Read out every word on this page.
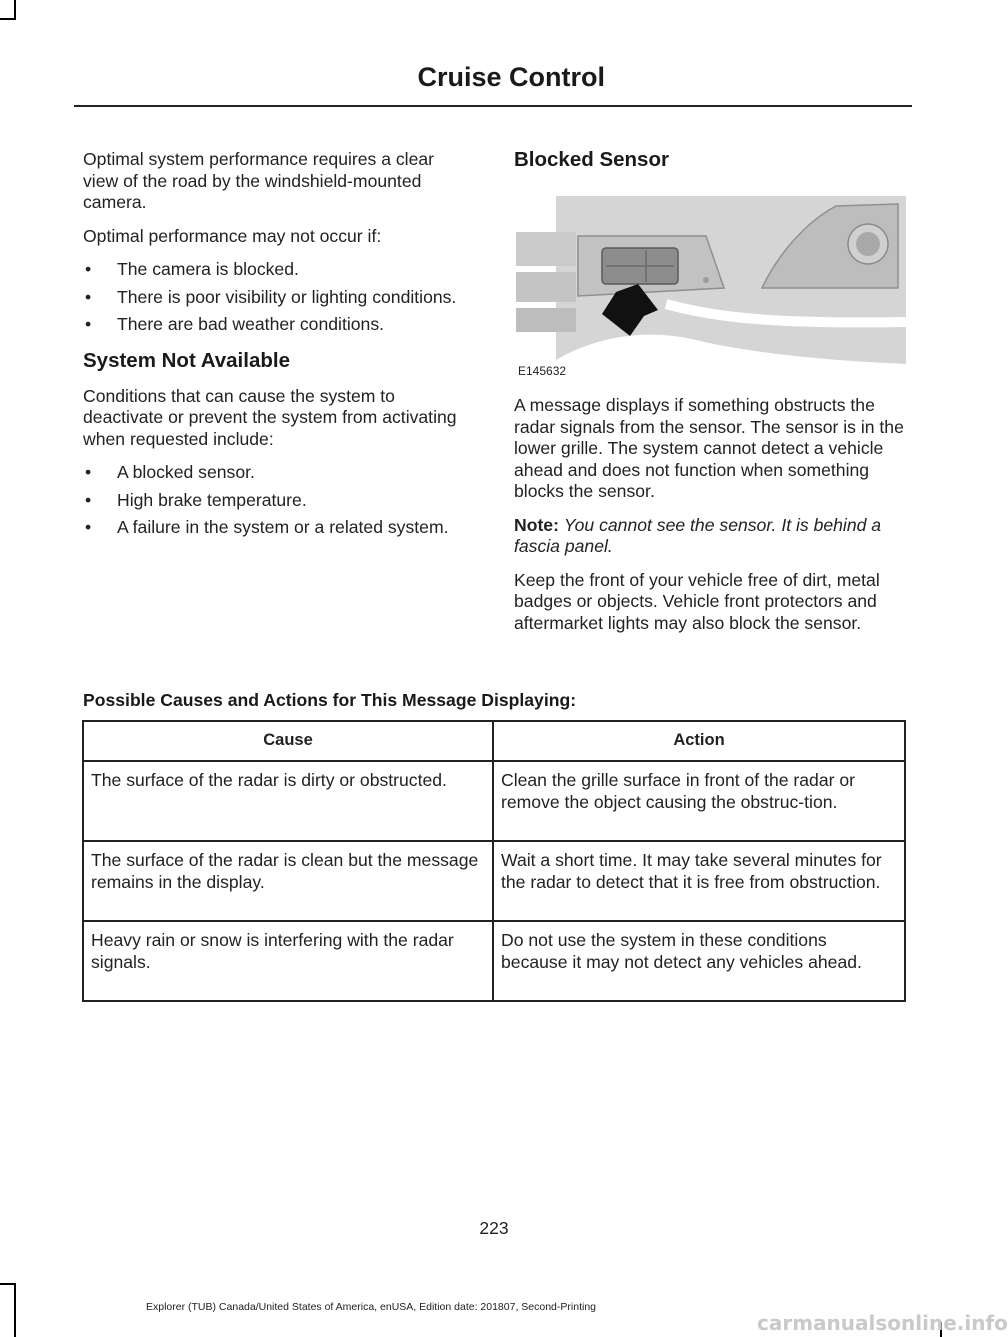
Cruise Control

Optimal system performance requires a clear view of the road by the windshield-mounted camera.

Optimal performance may not occur if:

• The camera is blocked.
• There is poor visibility or lighting conditions.
• There are bad weather conditions.
System Not Available

Conditions that can cause the system to deactivate or prevent the system from activating when requested include:

• A blocked sensor.
• High brake temperature.
• A failure in the system or a related system.
Blocked Sensor
E145632

A message displays if something obstructs the radar signals from the sensor. The sensor is in the lower grille. The system cannot detect a vehicle ahead and does not function when something blocks the sensor.

Note: You cannot see the sensor. It is behind a fascia panel.

Keep the front of your vehicle free of dirt, metal badges or objects. Vehicle front protectors and aftermarket lights may also block the sensor.

Possible Causes and Actions for This Message Displaying:
Cause	Action
The surface of the radar is dirty or obstructed.	Clean the grille surface in front of the radar or remove the object causing the obstruc-tion.
The surface of the radar is clean but the message remains in the display.	Wait a short time. It may take several minutes for the radar to detect that it is free from obstruction.
Heavy rain or snow is interfering with the radar signals.	Do not use the system in these conditions because it may not detect any vehicles ahead.
223
Explorer (TUB) Canada/United States of America, enUSA, Edition date: 201807, Second-Printing
carmanualsonline.info
